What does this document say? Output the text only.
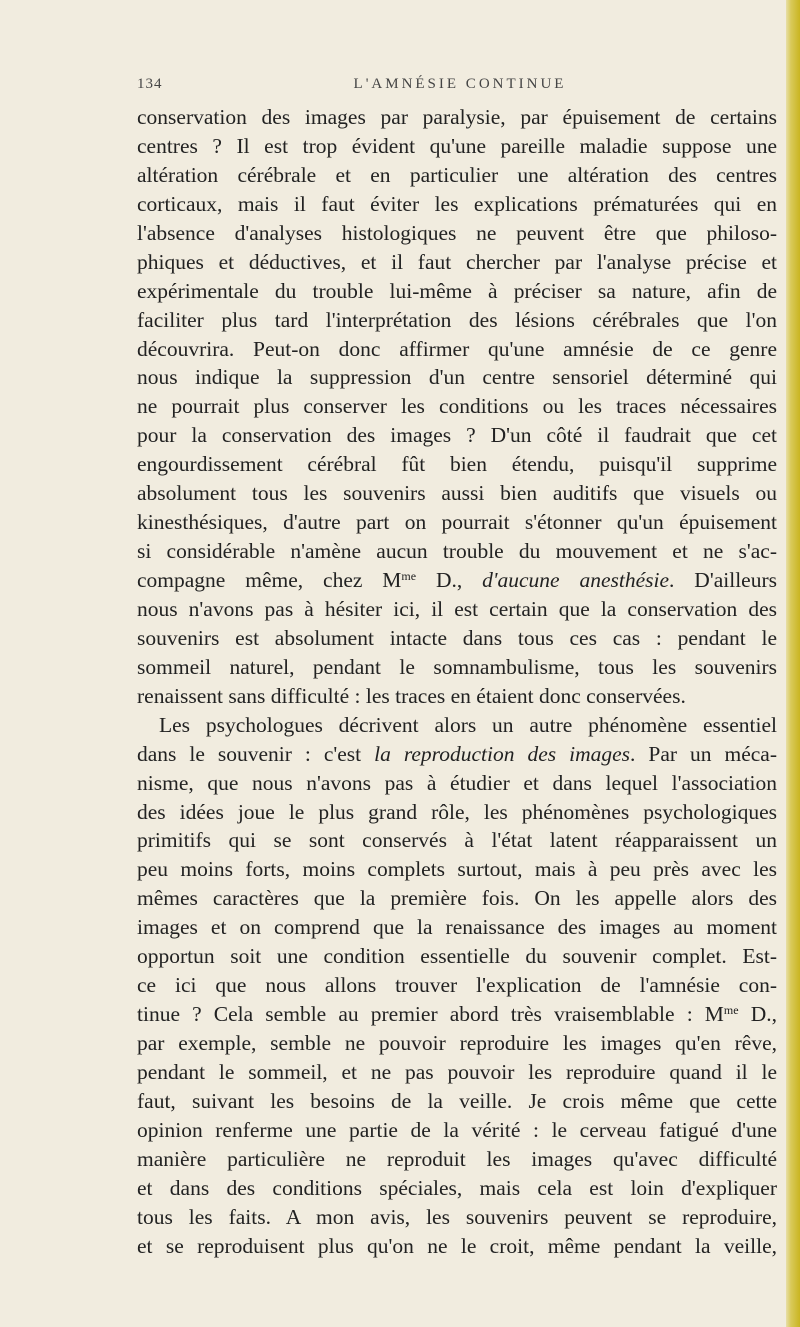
134	L'AMNÉSIE CONTINUE
conservation des images par paralysie, par épuisement de certains
centres ? Il est trop évident qu'une pareille maladie suppose une
altération cérébrale et en particulier une altération des centres
corticaux, mais il faut éviter les explications prématurées qui en
l'absence d'analyses histologiques ne peuvent être que philoso-
phiques et déductives, et il faut chercher par l'analyse précise et
expérimentale du trouble lui-même à préciser sa nature, afin de
faciliter plus tard l'interprétation des lésions cérébrales que l'on
découvrira. Peut-on donc affirmer qu'une amnésie de ce genre
nous indique la suppression d'un centre sensoriel déterminé qui
ne pourrait plus conserver les conditions ou les traces nécessaires
pour la conservation des images ? D'un côté il faudrait que cet
engourdissement cérébral fût bien étendu, puisqu'il supprime
absolument tous les souvenirs aussi bien auditifs que visuels ou
kinesthésiques, d'autre part on pourrait s'étonner qu'un épuisement
si considérable n'amène aucun trouble du mouvement et ne s'ac-
compagne même, chez $M^{me}$ D., d'aucune anesthésie. D'ailleurs
nous n'avons pas à hésiter ici, il est certain que la conservation des
souvenirs est absolument intacte dans tous ces cas : pendant le
sommeil naturel, pendant le somnambulisme, tous les souvenirs
renaissent sans difficulté : les traces en étaient donc conservées.
Les psychologues décrivent alors un autre phénomène essentiel
dans le souvenir : c'est la reproduction des images. Par un méca-
nisme, que nous n'avons pas à étudier et dans lequel l'association
des idées joue le plus grand rôle, les phénomènes psychologiques
primitifs qui se sont conservés à l'état latent réapparaissent un
peu moins forts, moins complets surtout, mais à peu près avec les
mêmes caractères que la première fois. On les appelle alors des
images et on comprend que la renaissance des images au moment
opportun soit une condition essentielle du souvenir complet. Est-
ce ici que nous allons trouver l'explication de l'amnésie con-
tinue ? Cela semble au premier abord très vraisemblable : $M^{me}$ D.,
par exemple, semble ne pouvoir reproduire les images qu'en rêve,
pendant le sommeil, et ne pas pouvoir les reproduire quand il le
faut, suivant les besoins de la veille. Je crois même que cette
opinion renferme une partie de la vérité : le cerveau fatigué d'une
manière particulière ne reproduit les images qu'avec difficulté
et dans des conditions spéciales, mais cela est loin d'expliquer
tous les faits. A mon avis, les souvenirs peuvent se reproduire,
et se reproduisent plus qu'on ne le croit, même pendant la veille,
